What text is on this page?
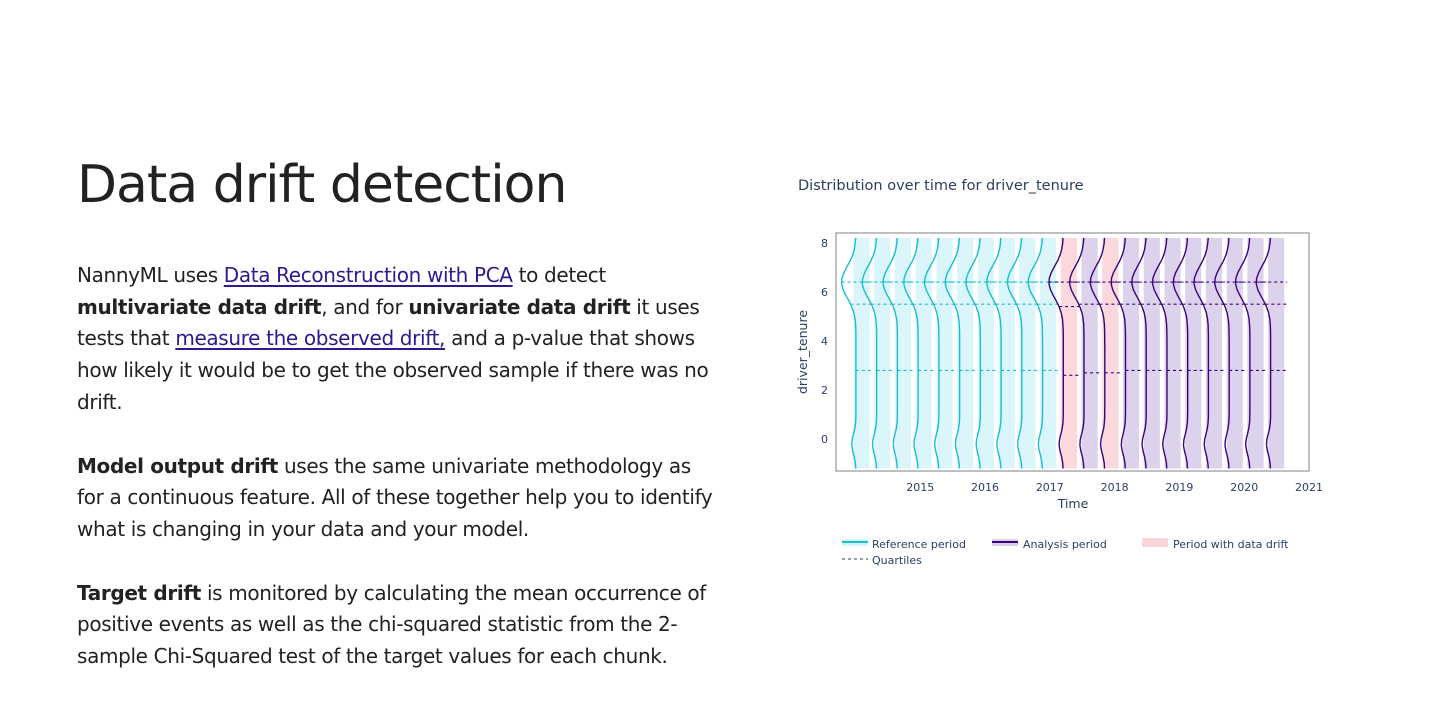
Data drift detection

NannyML uses Data Reconstruction with PCA to detect multivariate data drift, and for univariate data drift it uses tests that measure the observed drift, and a p-value that shows how likely it would be to get the observed sample if there was no drift.

Model output drift uses the same univariate methodology as for a continuous feature. All of these together help you to identify what is changing in your data and your model.

Target drift is monitored by calculating the mean occurrence of positive events as well as the chi-squared statistic from the 2-sample Chi-Squared test of the target values for each chunk.

Distribution over time for driver_tenure
0
2
4
6
8
2015	2016	2017	2018	2019	2020	2021
Time
driver_tenure
Reference period	Analysis period	Period with data drift
Quartiles
